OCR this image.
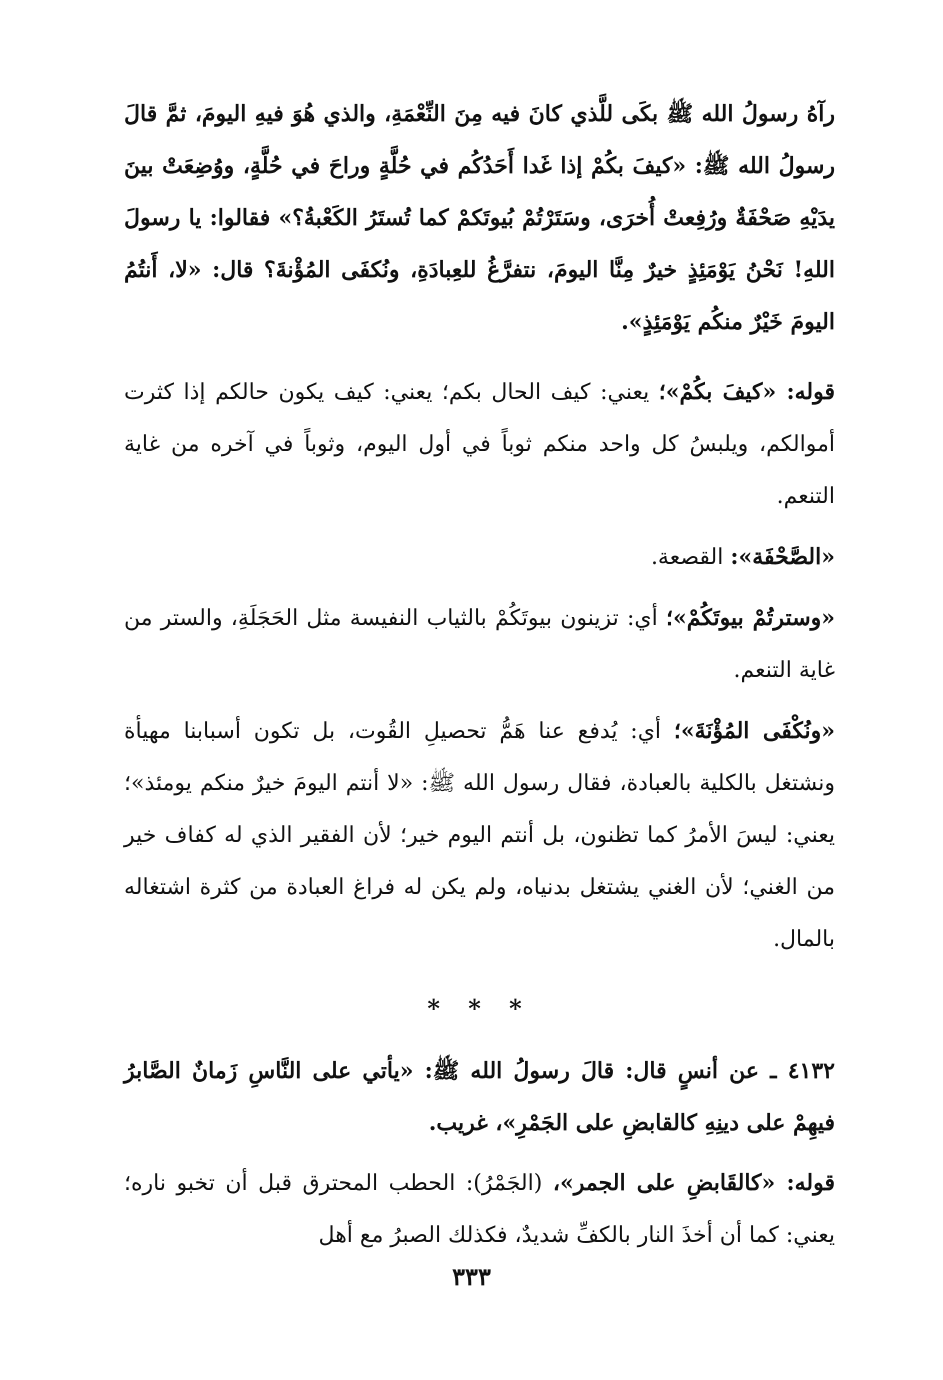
رآهُ رسولُ الله ﷺ بكَى للَّذي كانَ فيه مِنَ النِّعْمَةِ، والذي هُوَ فيهِ اليومَ، ثمَّ قالَ رسولُ الله ﷺ: «كيفَ بكُمْ إذا غَدا أَحَدُكُم في حُلَّةٍ وراحَ في حُلَّةٍ، ووُضِعَتْ بينَ يدَيْهِ صَحْفَةٌ ورُفِعتْ أُخرَى، وسَتَرْتُمْ بُيوتَكمْ كما تُستَرُ الكَعْبةُ؟» فقالوا: يا رسولَ اللهِ! نَحْنُ يَوْمَئِذٍ خيرٌ مِنَّا اليومَ، نتفرَّغُ للعِبادَةِ، ونُكفَى المُؤْنةَ؟ قال: «لا، أَنتُمُ اليومَ خَيْرٌ منكُم يَوْمَئِذٍ».

قوله: «كيفَ بكُمْ»؛ يعني: كيف الحال بكم؛ يعني: كيف يكون حالكم إذا كثرت أموالكم، ويلبسُ كل واحد منكم ثوباً في أول اليوم، وثوباً في آخره من غاية التنعم.

«الصَّحْفَة»: القصعة.

«وسترتُمْ بيوتَكُمْ»؛ أي: تزينون بيوتَكُمْ بالثياب النفيسة مثل الحَجَلَةِ، والستر من غاية التنعم.

«ونُكْفَى المُؤْنَةَ»؛ أي: يُدفع عنا هَمُّ تحصيلِ القُوت، بل تكون أسبابنا مهيأة ونشتغل بالكلية بالعبادة، فقال رسول الله ﷺ: «لا أنتم اليومَ خيرٌ منكم يومئذ»؛ يعني: ليسَ الأمرُ كما تظنون، بل أنتم اليوم خير؛ لأن الفقير الذي له كفاف خير من الغني؛ لأن الغني يشتغل بدنياه، ولم يكن له فراغ العبادة من كثرة اشتغاله بالمال.

* * *

٤١٣٢ ـ عن أنسٍ قال: قالَ رسولُ الله ﷺ: «يأتي على النَّاسِ زَمانٌ الصَّابرُ فيهِمْ على دينِهِ كالقابضِ على الجَمْرِ»، غريب.

قوله: «كالقَابضِ على الجمر»، (الجَمْرُ): الحطب المحترق قبل أن تخبو ناره؛ يعني: كما أن أخذَ النار بالكفِّ شديدٌ، فكذلك الصبرُ مع أهل

٣٣٣
